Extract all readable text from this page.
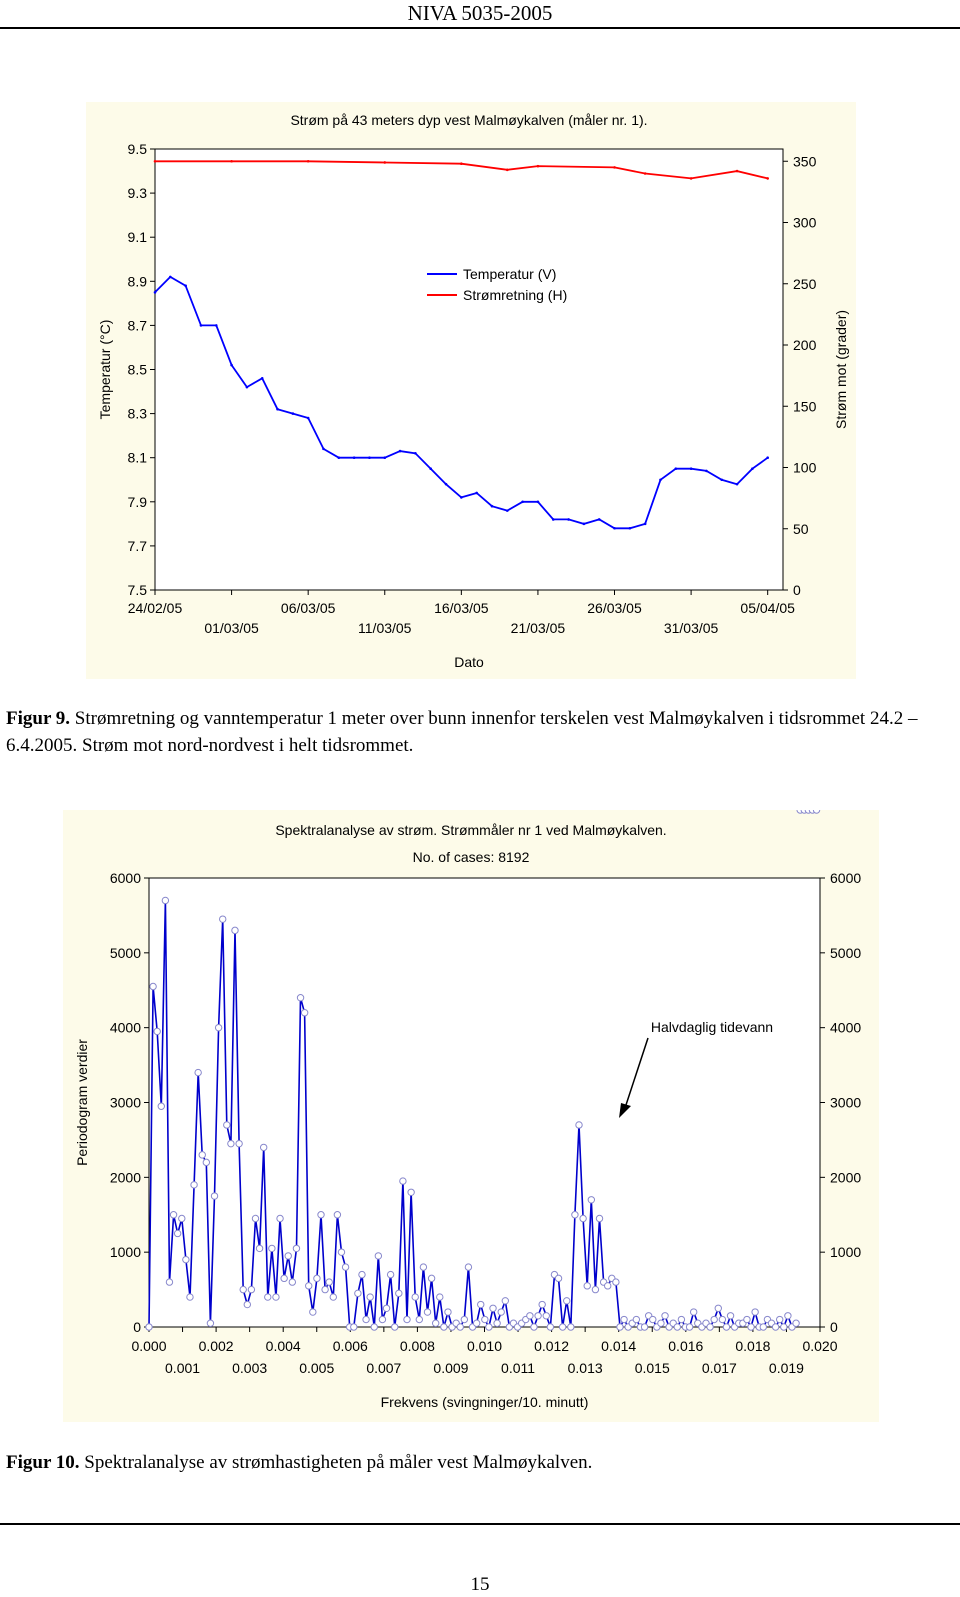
NIVA 5035-2005
Strøm på 43 meters dyp vest Malmøykalven (måler nr. 1).
7.5
7.7
7.9
8.1
8.3
8.5
8.7
8.9
9.1
9.3
9.5
0
50
100
150
200
250
300
350
24/02/05
01/03/05
06/03/05
11/03/05
16/03/05
21/03/05
26/03/05
31/03/05
05/04/05
Dato
Temperatur (°C)	Strøm mot (grader)
Temperatur (V)
Strømretning (H)
Figur 9. Strømretning og vanntemperatur 1 meter over bunn innenfor terskelen vest Malmøykalven i tidsrommet 24.2 – 6.4.2005. Strøm mot nord-nordvest i helt tidsrommet.
Spektralanalyse av strøm. Strømmåler nr 1 ved Malmøykalven.
No. of cases: 8192
0	0
1000	1000
2000	2000
3000	3000
4000	4000
5000	5000
6000	6000
0.000 0.002 0.004 0.006 0.008 0.010 0.012 0.014 0.016 0.018 0.020
0.001 0.003 0.005 0.007 0.009 0.011 0.013 0.015 0.017 0.019
Frekvens (svingninger/10. minutt)
Periodogram verdier
Halvdaglig tidevann
Figur 10. Spektralanalyse av strømhastigheten på måler vest Malmøykalven.
15
